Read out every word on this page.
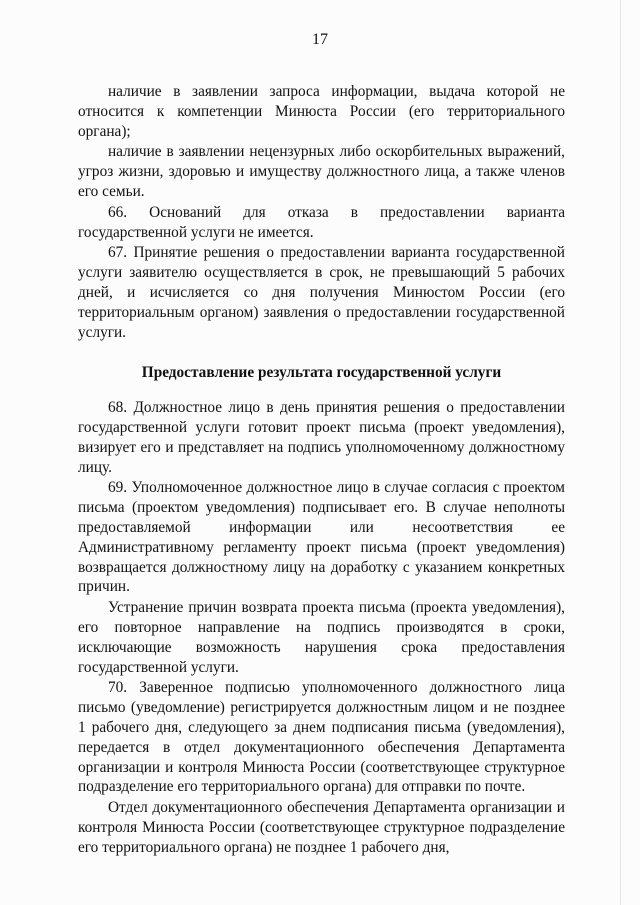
17

наличие в заявлении запроса информации, выдача которой не относится к компетенции Минюста России (его территориального органа);

наличие в заявлении нецензурных либо оскорбительных выражений, угроз жизни, здоровью и имуществу должностного лица, а также членов его семьи.

66. Оснований для отказа в предоставлении варианта государственной услуги не имеется.

67. Принятие решения о предоставлении варианта государственной услуги заявителю осуществляется в срок, не превышающий 5 рабочих дней, и исчисляется со дня получения Минюстом России (его территориальным органом) заявления о предоставлении государственной услуги.

Предоставление результата государственной услуги

68. Должностное лицо в день принятия решения о предоставлении государственной услуги готовит проект письма (проект уведомления), визирует его и представляет на подпись уполномоченному должностному лицу.

69. Уполномоченное должностное лицо в случае согласия с проектом письма (проектом уведомления) подписывает его. В случае неполноты предоставляемой информации или несоответствия ее Административному регламенту проект письма (проект уведомления) возвращается должностному лицу на доработку с указанием конкретных причин.

Устранение причин возврата проекта письма (проекта уведомления), его повторное направление на подпись производятся в сроки, исключающие возможность нарушения срока предоставления государственной услуги.

70. Заверенное подписью уполномоченного должностного лица письмо (уведомление) регистрируется должностным лицом и не позднее 1 рабочего дня, следующего за днем подписания письма (уведомления), передается в отдел документационного обеспечения Департамента организации и контроля Минюста России (соответствующее структурное подразделение его территориального органа) для отправки по почте.

Отдел документационного обеспечения Департамента организации и контроля Минюста России (соответствующее структурное подразделение его территориального органа) не позднее 1 рабочего дня,
